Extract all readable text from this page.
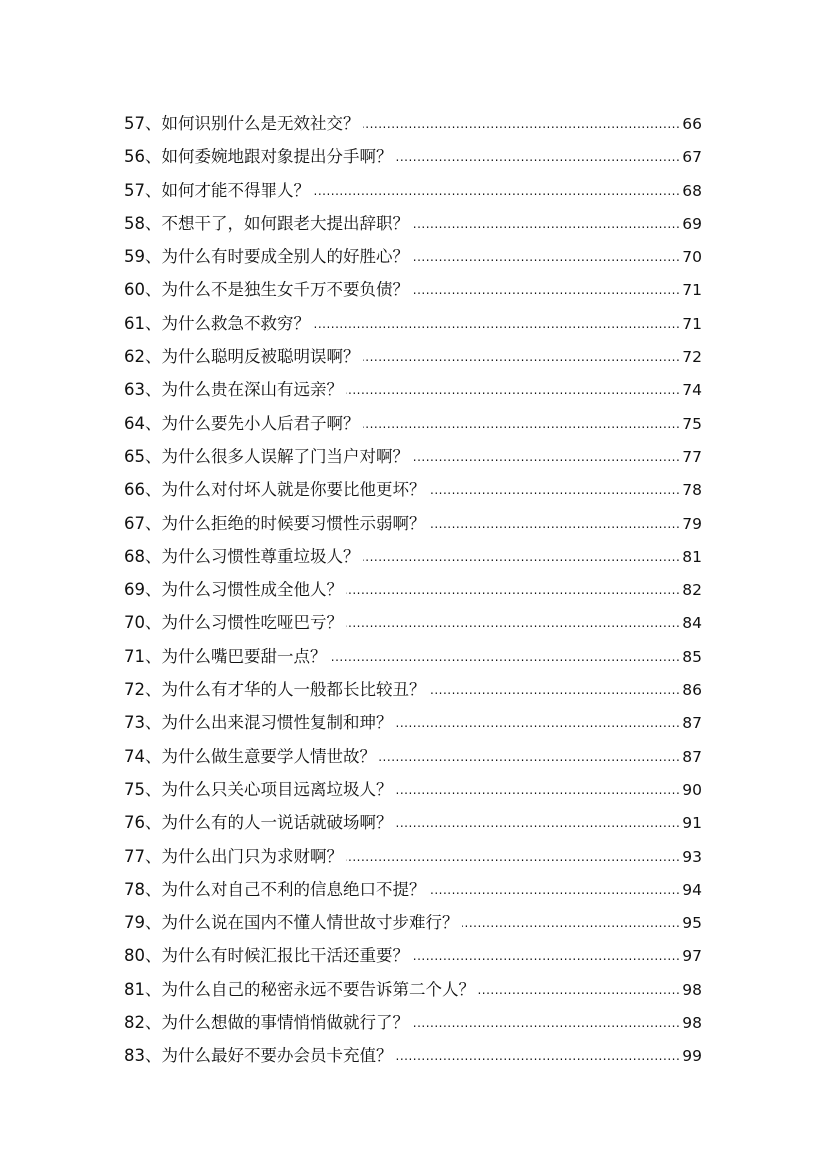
57、 如何识别什么是无效社交？ .....	66
56、 如何委婉地跟对象提出分手啊？ .....	67
57、 如何才能不得罪人？ .....	68
58、 不想干了，如何跟老大提出辞职？ .....	69
59、 为什么有时要成全别人的好胜心？ .....	70
60、 为什么不是独生女千万不要负债？ .....	71
61、 为什么救急不救穷？ .....	71
62、 为什么聪明反被聪明误啊？ .....	72
63、 为什么贵在深山有远亲？ .....	74
64、 为什么要先小人后君子啊？ .....	75
65、 为什么很多人误解了门当户对啊？ .....	77
66、 为什么对付坏人就是你要比他更坏？ .....	78
67、 为什么拒绝的时候要习惯性示弱啊？ .....	79
68、 为什么习惯性尊重垃圾人？ .....	81
69、 为什么习惯性成全他人？ .....	82
70、 为什么习惯性吃哑巴亏？ .....	84
71、 为什么嘴巴要甜一点？ .....	85
72、 为什么有才华的人一般都长比较丑？ .....	86
73、 为什么出来混习惯性复制和珅？ .....	87
74、 为什么做生意要学人情世故？ .....	87
75、 为什么只关心项目远离垃圾人？ .....	90
76、 为什么有的人一说话就破场啊？ .....	91
77、 为什么出门只为求财啊？ .....	93
78、 为什么对自己不利的信息绝口不提？ .....	94
79、 为什么说在国内不懂人情世故寸步难行？ .....	95
80、 为什么有时候汇报比干活还重要？ .....	97
81、 为什么自己的秘密永远不要告诉第二个人？ .....	98
82、 为什么想做的事情悄悄做就行了？ .....	98
83、 为什么最好不要办会员卡充值？ .....	99
